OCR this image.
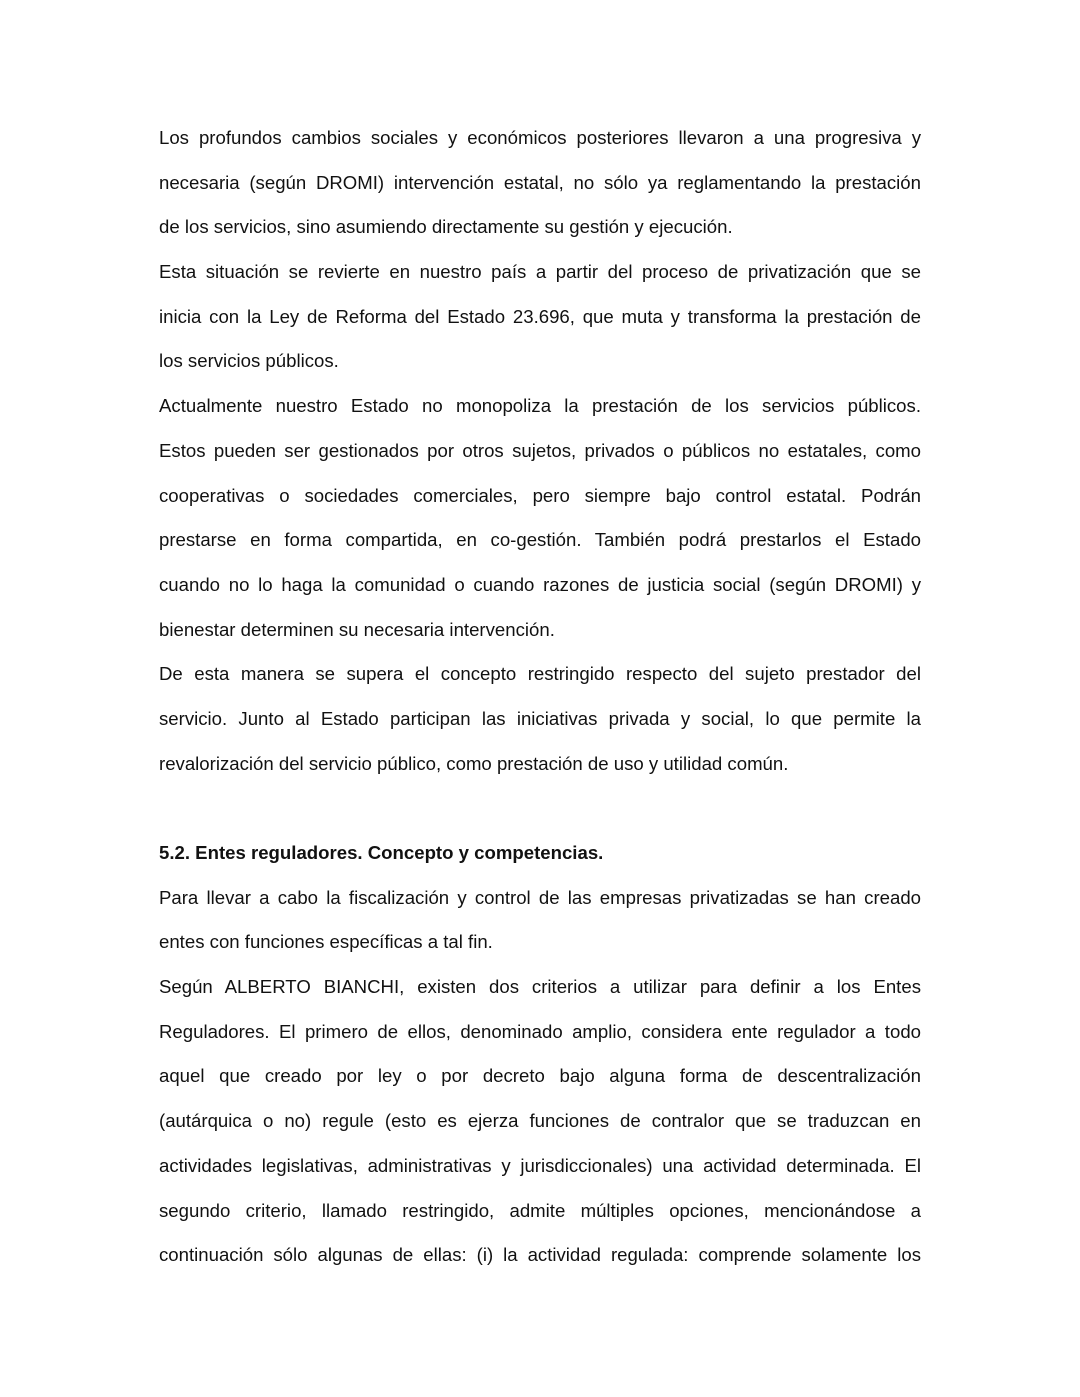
Los profundos cambios sociales y económicos posteriores llevaron a una progresiva y
necesaria (según DROMI) intervención estatal, no sólo ya reglamentando la prestación
de los servicios, sino asumiendo directamente su gestión y ejecución.
Esta situación se revierte en nuestro país a partir del proceso de privatización que se
inicia con la Ley de Reforma del Estado 23.696, que muta y transforma la prestación de
los servicios públicos.
Actualmente nuestro Estado no monopoliza la prestación de los servicios públicos.
Estos pueden ser gestionados por otros sujetos, privados o públicos no estatales, como
cooperativas o sociedades comerciales, pero siempre bajo control estatal. Podrán
prestarse en forma compartida, en co-gestión. También podrá prestarlos el Estado
cuando no lo haga la comunidad o cuando razones de justicia social (según DROMI) y
bienestar determinen su necesaria intervención.
De esta manera se supera el concepto restringido respecto del sujeto prestador del
servicio. Junto al Estado participan las iniciativas privada y social, lo que permite la
revalorización del servicio público, como prestación de uso y utilidad común.
5.2. Entes reguladores. Concepto y competencias.
Para llevar a cabo la fiscalización y control de las empresas privatizadas se han creado
entes con funciones específicas a tal fin.
Según ALBERTO BIANCHI, existen dos criterios a utilizar para definir a los Entes
Reguladores. El primero de ellos, denominado amplio, considera ente regulador a todo
aquel que creado por ley o por decreto bajo alguna forma de descentralización
(autárquica o no) regule (esto es ejerza funciones de contralor que se traduzcan en
actividades legislativas, administrativas y jurisdiccionales) una actividad determinada. El
segundo criterio, llamado restringido, admite múltiples opciones, mencionándose a
continuación sólo algunas de ellas: (i) la actividad regulada: comprende solamente los
